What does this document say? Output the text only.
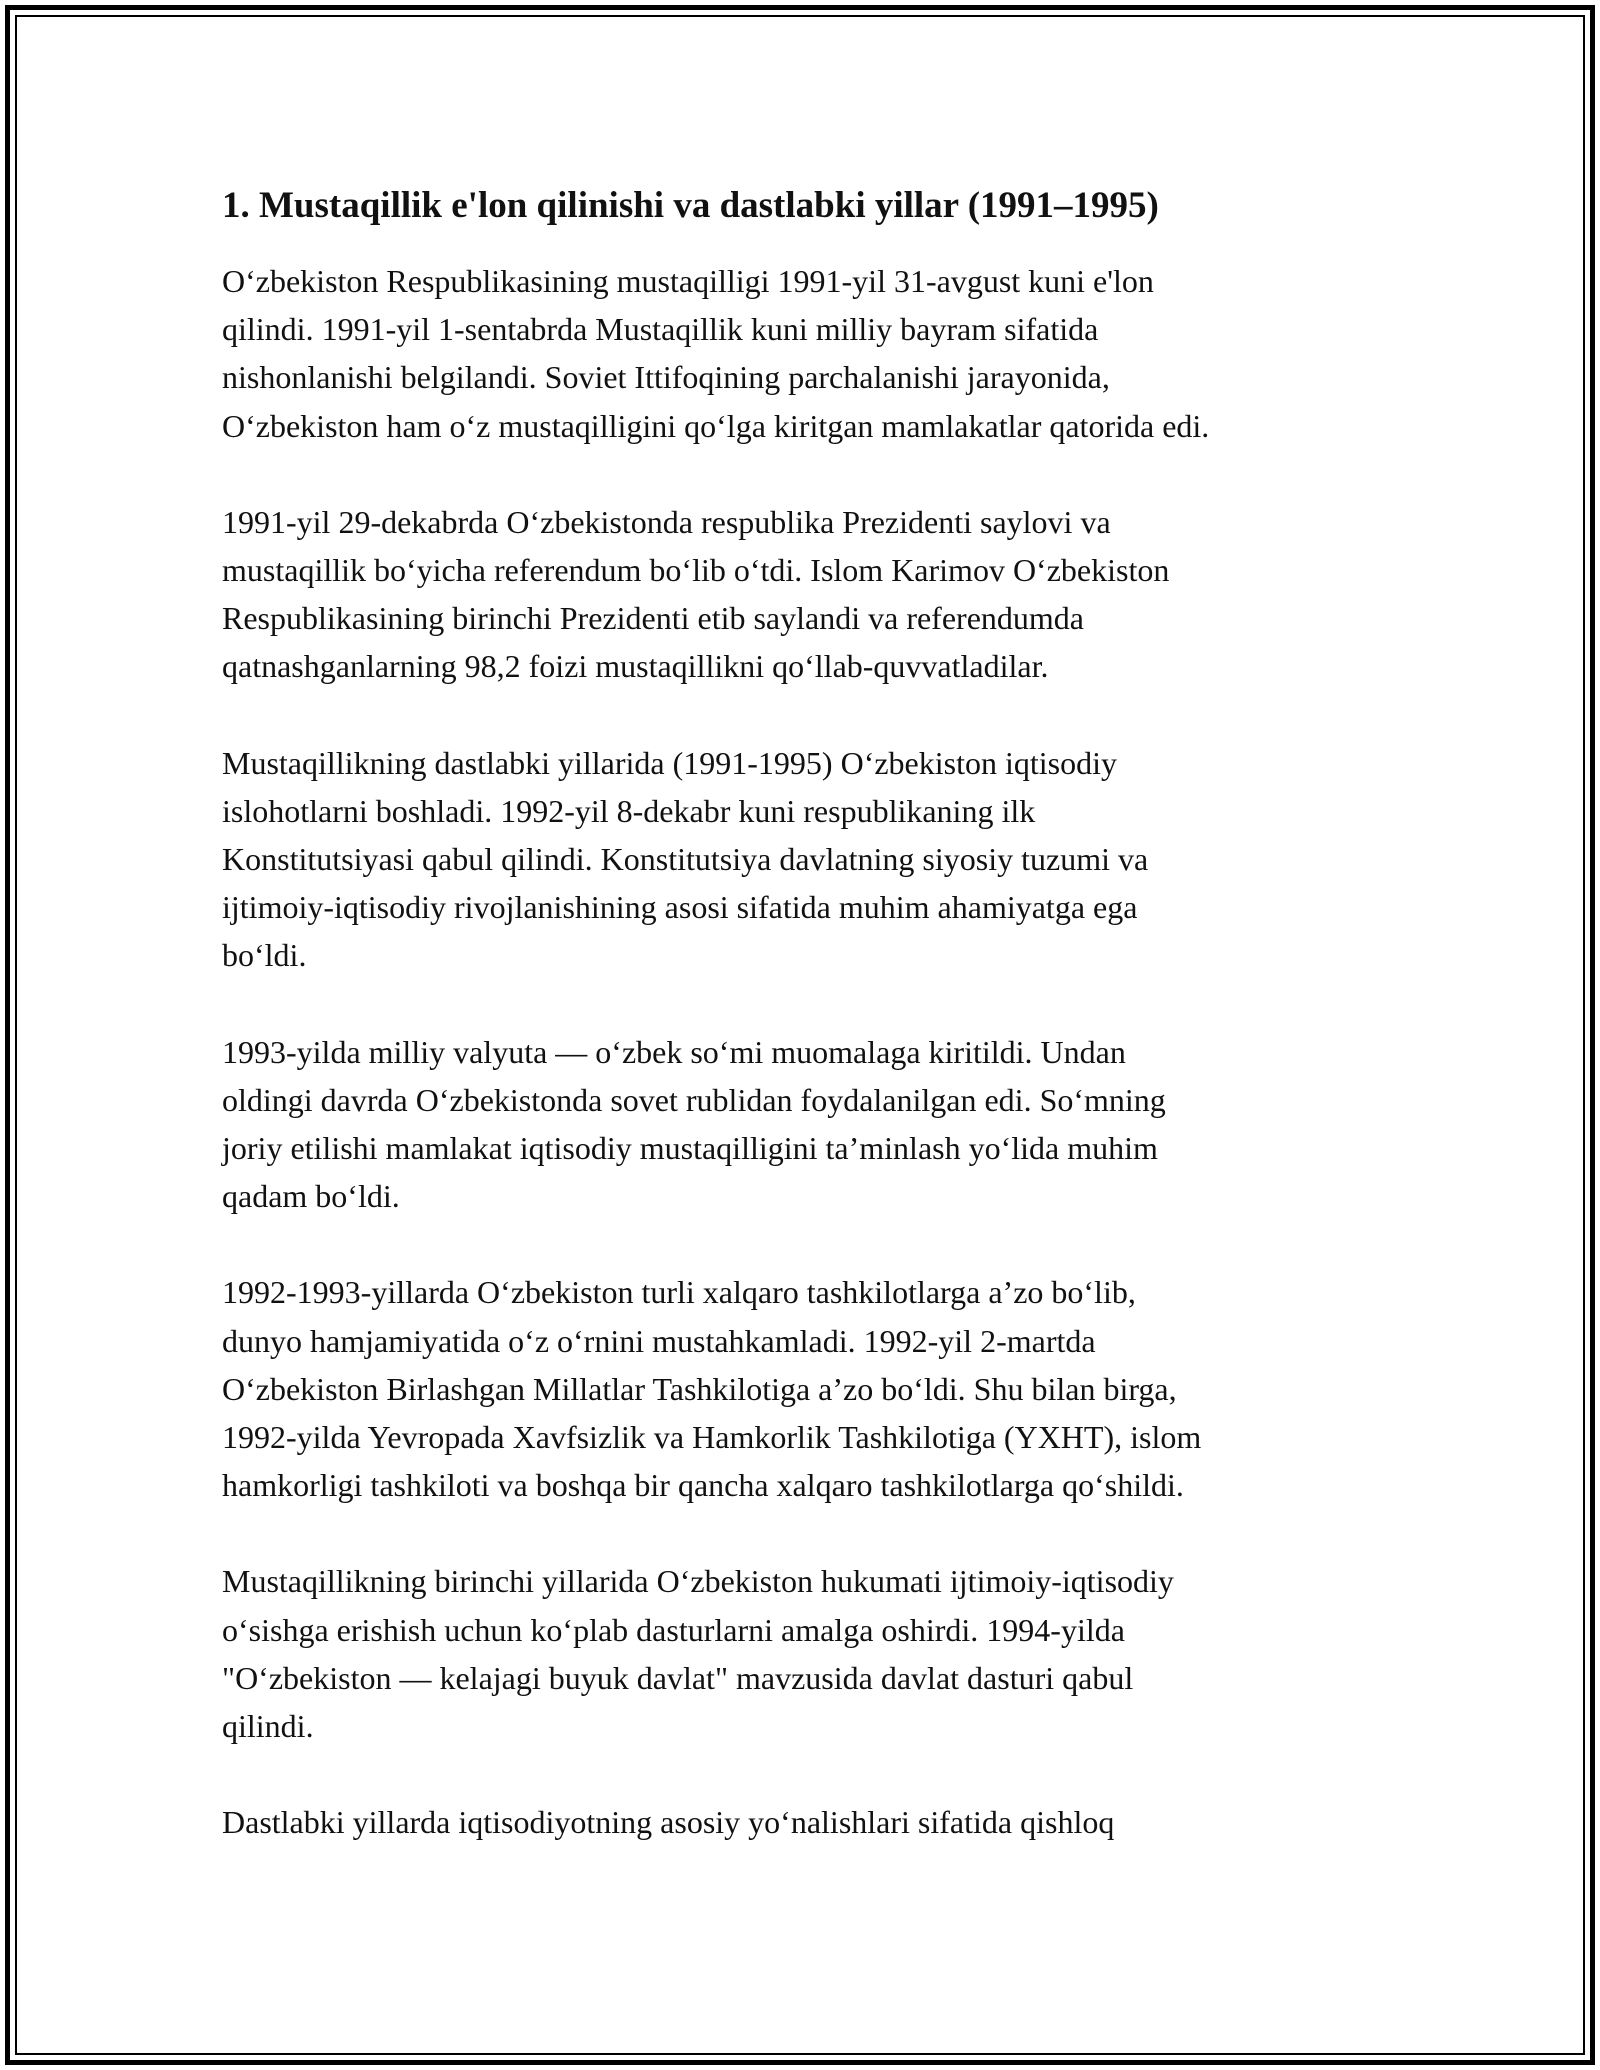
1. Mustaqillik e'lon qilinishi va dastlabki yillar (1991–1995)

O‘zbekiston Respublikasining mustaqilligi 1991-yil 31-avgust kuni e'lon
qilindi. 1991-yil 1-sentabrda Mustaqillik kuni milliy bayram sifatida
nishonlanishi belgilandi. Soviet Ittifoqining parchalanishi jarayonida,
O‘zbekiston ham o‘z mustaqilligini qo‘lga kiritgan mamlakatlar qatorida edi.

1991-yil 29-dekabrda O‘zbekistonda respublika Prezidenti saylovi va
mustaqillik bo‘yicha referendum bo‘lib o‘tdi. Islom Karimov O‘zbekiston
Respublikasining birinchi Prezidenti etib saylandi va referendumda
qatnashganlarning 98,2 foizi mustaqillikni qo‘llab-quvvatladilar.

Mustaqillikning dastlabki yillarida (1991-1995) O‘zbekiston iqtisodiy
islohotlarni boshladi. 1992-yil 8-dekabr kuni respublikaning ilk
Konstitutsiyasi qabul qilindi. Konstitutsiya davlatning siyosiy tuzumi va
ijtimoiy-iqtisodiy rivojlanishining asosi sifatida muhim ahamiyatga ega
bo‘ldi.

1993-yilda milliy valyuta — o‘zbek so‘mi muomalaga kiritildi. Undan
oldingi davrda O‘zbekistonda sovet rublidan foydalanilgan edi. So‘mning
joriy etilishi mamlakat iqtisodiy mustaqilligini ta’minlash yo‘lida muhim
qadam bo‘ldi.

1992-1993-yillarda O‘zbekiston turli xalqaro tashkilotlarga a’zo bo‘lib,
dunyo hamjamiyatida o‘z o‘rnini mustahkamladi. 1992-yil 2-martda
O‘zbekiston Birlashgan Millatlar Tashkilotiga a’zo bo‘ldi. Shu bilan birga,
1992-yilda Yevropada Xavfsizlik va Hamkorlik Tashkilotiga (YXHT), islom
hamkorligi tashkiloti va boshqa bir qancha xalqaro tashkilotlarga qo‘shildi.

Mustaqillikning birinchi yillarida O‘zbekiston hukumati ijtimoiy-iqtisodiy
o‘sishga erishish uchun ko‘plab dasturlarni amalga oshirdi. 1994-yilda
"O‘zbekiston — kelajagi buyuk davlat" mavzusida davlat dasturi qabul
qilindi.

Dastlabki yillarda iqtisodiyotning asosiy yo‘nalishlari sifatida qishloq
